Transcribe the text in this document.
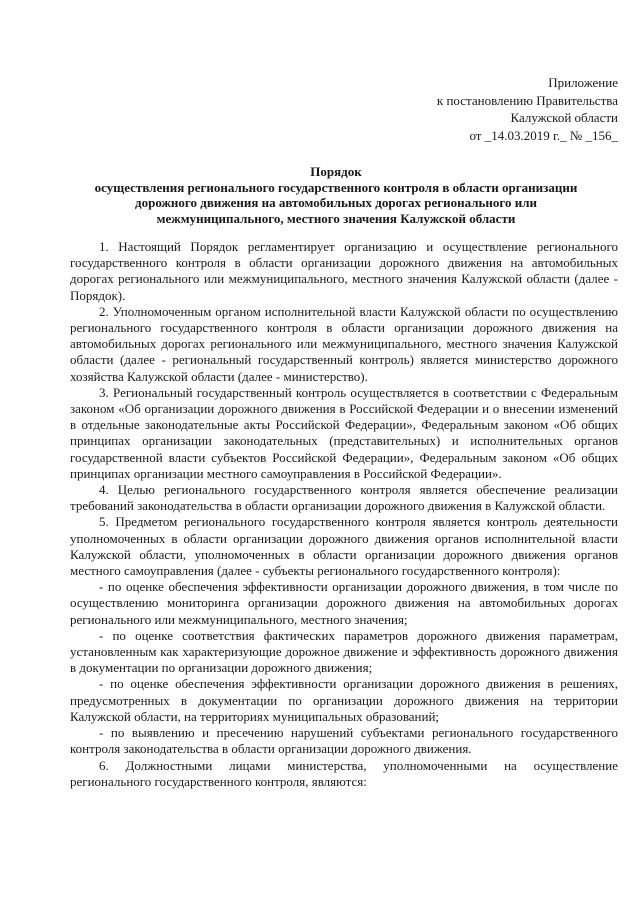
Приложение
к постановлению Правительства
Калужской области
от _14.03.2019 г._ № _156_
Порядок
осуществления регионального государственного контроля в области организации
дорожного движения на автомобильных дорогах регионального или
межмуниципального, местного значения Калужской области

1. Настоящий Порядок регламентирует организацию и осуществление регионального государственного контроля в области организации дорожного движения на автомобильных дорогах регионального или межмуниципального, местного значения Калужской области (далее - Порядок).

2. Уполномоченным органом исполнительной власти Калужской области по осуществлению регионального государственного контроля в области организации дорожного движения на автомобильных дорогах регионального или межмуниципального, местного значения Калужской области (далее - региональный государственный контроль) является министерство дорожного хозяйства Калужской области (далее - министерство).

3. Региональный государственный контроль осуществляется в соответствии с Федеральным законом «Об организации дорожного движения в Российской Федерации и о внесении изменений в отдельные законодательные акты Российской Федерации», Федеральным законом «Об общих принципах организации законодательных (представительных) и исполнительных органов государственной власти субъектов Российской Федерации», Федеральным законом «Об общих принципах организации местного самоуправления в Российской Федерации».

4. Целью регионального государственного контроля является обеспечение реализации требований законодательства в области организации дорожного движения в Калужской области.

5. Предметом регионального государственного контроля является контроль деятельности уполномоченных в области организации дорожного движения органов исполнительной власти Калужской области, уполномоченных в области организации дорожного движения органов местного самоуправления (далее - субъекты регионального государственного контроля):

- по оценке обеспечения эффективности организации дорожного движения, в том числе по осуществлению мониторинга организации дорожного движения на автомобильных дорогах регионального или межмуниципального, местного значения;

- по оценке соответствия фактических параметров дорожного движения параметрам, установленным как характеризующие дорожное движение и эффективность дорожного движения в документации по организации дорожного движения;

- по оценке обеспечения эффективности организации дорожного движения в решениях, предусмотренных в документации по организации дорожного движения на территории Калужской области, на территориях муниципальных образований;

- по выявлению и пресечению нарушений субъектами регионального государственного контроля законодательства в области организации дорожного движения.

6. Должностными лицами министерства, уполномоченными на осуществление регионального государственного контроля, являются:
